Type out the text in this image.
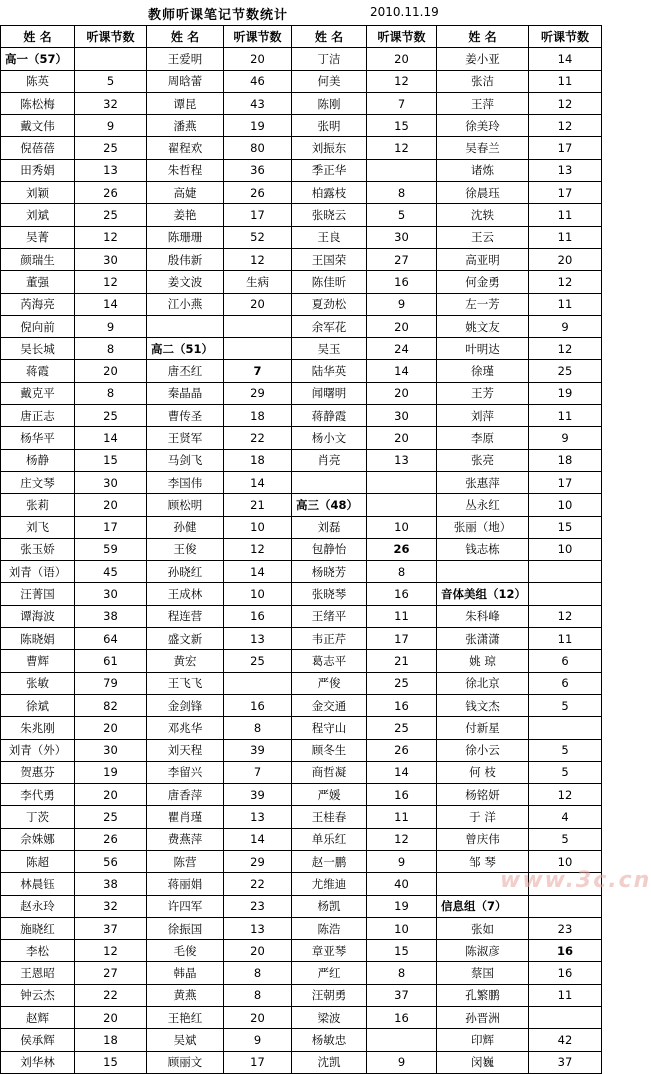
教师听课笔记节数统计	2010.11.19
姓 名	听课节数	姓 名	听课节数	姓 名	听课节数	姓 名	听课节数
高一（57）		王爱明	20	丁洁	20	姜小亚	14
陈英	5	周晗蕾	46	何美	12	张洁	11
陈松梅	32	谭昆	43	陈刚	7	王萍	12
戴文伟	9	潘燕	19	张明	15	徐美玲	12
倪蓓蓓	25	翟程欢	80	刘振东	12	吴春兰	17
田秀娟	13	朱哲程	36	季正华		诸炼	13
刘颖	26	高婕	26	柏露枝	8	徐晨珏	17
刘斌	25	姜艳	17	张晓云	5	沈轶	11
吴菁	12	陈珊珊	52	王良	30	王云	11
颜瑞生	30	殷伟新	12	王国荣	27	高亚明	20
董强	12	姜文波	生病	陈佳昕	16	何金勇	12
芮海亮	14	江小燕	20	夏劲松	9	左一芳	11
倪向前	9			余军花	20	姚文友	9
吴长城	8	高二（51）		吴玉	24	叶明达	12
蒋霞	20	唐丕红	7	陆华英	14	徐瑾	25
戴克平	8	秦晶晶	29	闻曙明	20	王芳	19
唐正志	25	曹传圣	18	蒋静霞	30	刘萍	11
杨华平	14	王贤军	22	杨小文	20	李原	9
杨静	15	马剑飞	18	肖亮	13	张亮	18
庄文琴	30	李国伟	14			张惠萍	17
张莉	20	顾松明	21	高三（48）		丛永红	10
刘飞	17	孙健	10	刘磊	10	张丽（地）	15
张玉娇	59	王俊	12	包静怡	26	钱志栋	10
刘青（语）	45	孙晓红	14	杨晓芳	8		
汪菁国	30	王成林	10	张晓琴	16	音体美组（12）	
谭海波	38	程连营	16	王绪平	11	朱科峰	12
陈晓娟	64	盛文新	13	韦正芹	17	张潇潇	11
曹辉	61	黄宏	25	葛志平	21	姚 琼	6
张敏	79	王飞飞		严俊	25	徐北京	6
徐斌	82	金剑锋	16	金交通	16	钱文杰	5
朱兆刚	20	邓兆华	8	程守山	25	付新星	
刘青（外）	30	刘天程	39	顾冬生	26	徐小云	5
贺惠芬	19	李留兴	7	商哲凝	14	何 枝	5
李代勇	20	唐香萍	39	严媛	16	杨铭妍	12
丁茨	25	瞿肖瑾	13	王桂春	11	于 洋	4
佘姝娜	26	费燕萍	14	单乐红	12	曾庆伟	5
陈超	56	陈营	29	赵一鹏	9	邹 琴	10
林晨钰	38	蒋丽娟	22	尤维迪	40		
赵永玲	32	许四军	23	杨凯	19	信息组（7）	
施晓红	37	徐振国	13	陈浩	10	张如	23
李松	12	毛俊	20	章亚琴	15	陈淑彦	16
王恩昭	27	韩晶	8	严红	8	蔡国	16
钟云杰	22	黄燕	8	汪朝勇	37	孔繁鹏	11
赵辉	20	王艳红	20	梁波	16	孙晋洲	
侯承辉	18	吴斌	9	杨敏忠		印辉	42
刘华林	15	顾丽文	17	沈凯	9	闵巍	37
www.3c.cn
